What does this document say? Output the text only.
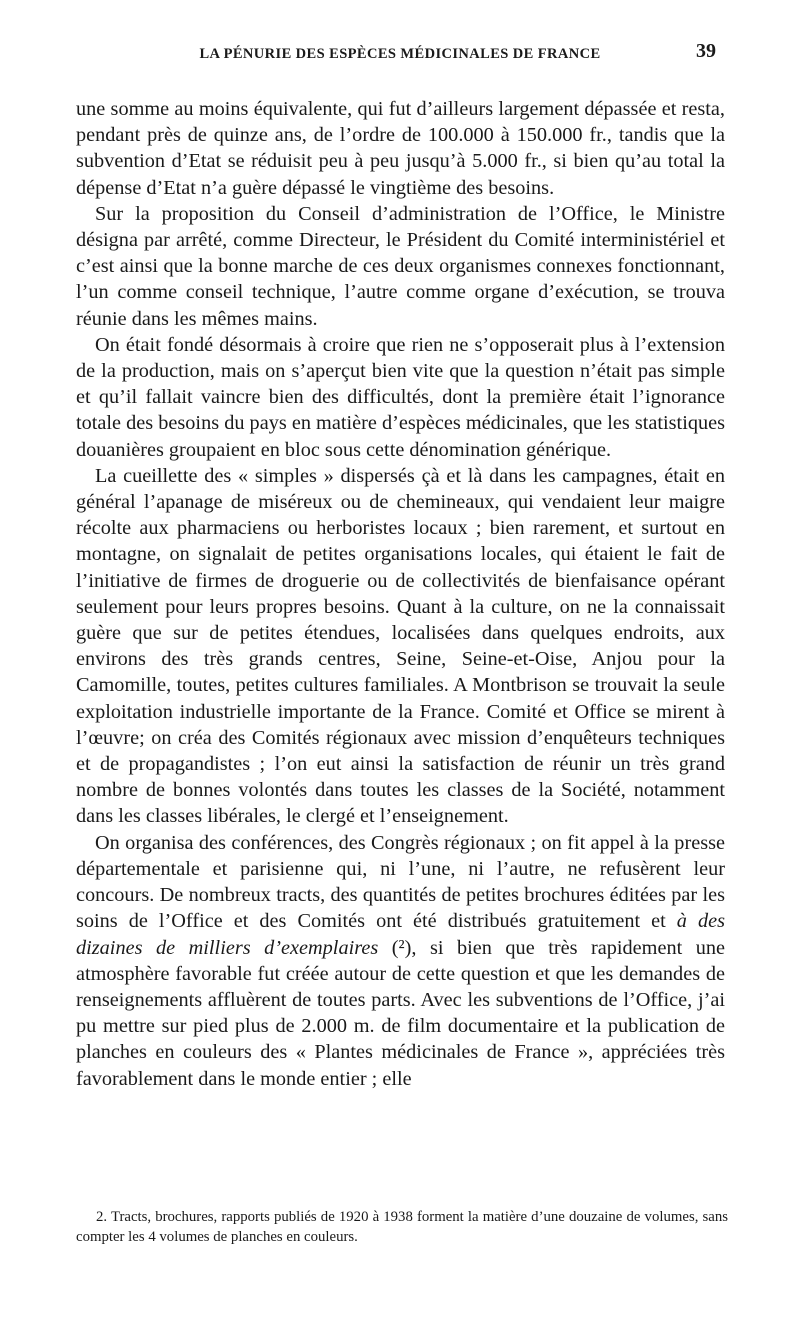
LA PÉNURIE DES ESPÈCES MÉDICINALES DE FRANCE	39

une somme au moins équivalente, qui fut d’ailleurs largement dépassée et resta, pendant près de quinze ans, de l’ordre de 100.000 à 150.000 fr., tandis que la subvention d’Etat se réduisit peu à peu jusqu’à 5.000 fr., si bien qu’au total la dépense d’Etat n’a guère dépassé le vingtième des besoins.

Sur la proposition du Conseil d’administration de l’Office, le Ministre désigna par arrêté, comme Directeur, le Président du Comité interministériel et c’est ainsi que la bonne marche de ces deux organismes connexes fonctionnant, l’un comme conseil technique, l’autre comme organe d’exécution, se trouva réunie dans les mêmes mains.

On était fondé désormais à croire que rien ne s’opposerait plus à l’extension de la production, mais on s’aperçut bien vite que la question n’était pas simple et qu’il fallait vaincre bien des difficultés, dont la première était l’ignorance totale des besoins du pays en matière d’espèces médicinales, que les statistiques douanières groupaient en bloc sous cette dénomination générique.

La cueillette des « simples » dispersés çà et là dans les campagnes, était en général l’apanage de miséreux ou de chemineaux, qui vendaient leur maigre récolte aux pharmaciens ou herboristes locaux ; bien rarement, et surtout en montagne, on signalait de petites organisations locales, qui étaient le fait de l’initiative de firmes de droguerie ou de collectivités de bienfaisance opérant seulement pour leurs propres besoins. Quant à la culture, on ne la connaissait guère que sur de petites étendues, localisées dans quelques endroits, aux environs des très grands centres, Seine, Seine-et-Oise, Anjou pour la Camomille, toutes, petites cultures familiales. A Montbrison se trouvait la seule exploitation industrielle importante de la France. Comité et Office se mirent à l’œuvre; on créa des Comités régionaux avec mission d’enquêteurs techniques et de propagandistes ; l’on eut ainsi la satisfaction de réunir un très grand nombre de bonnes volontés dans toutes les classes de la Société, notamment dans les classes libérales, le clergé et l’enseignement.

On organisa des conférences, des Congrès régionaux ; on fit appel à la presse départementale et parisienne qui, ni l’une, ni l’autre, ne refusèrent leur concours. De nombreux tracts, des quantités de petites brochures éditées par les soins de l’Office et des Comités ont été distribués gratuitement et à des dizaines de milliers d’exemplaires (²), si bien que très rapidement une atmosphère favorable fut créée autour de cette question et que les demandes de renseignements affluèrent de toutes parts. Avec les subventions de l’Office, j’ai pu mettre sur pied plus de 2.000 m. de film documentaire et la publication de planches en couleurs des « Plantes médicinales de France », appréciées très favorablement dans le monde entier ; elle

2. Tracts, brochures, rapports publiés de 1920 à 1938 forment la matière d’une douzaine de volumes, sans compter les 4 volumes de planches en couleurs.
